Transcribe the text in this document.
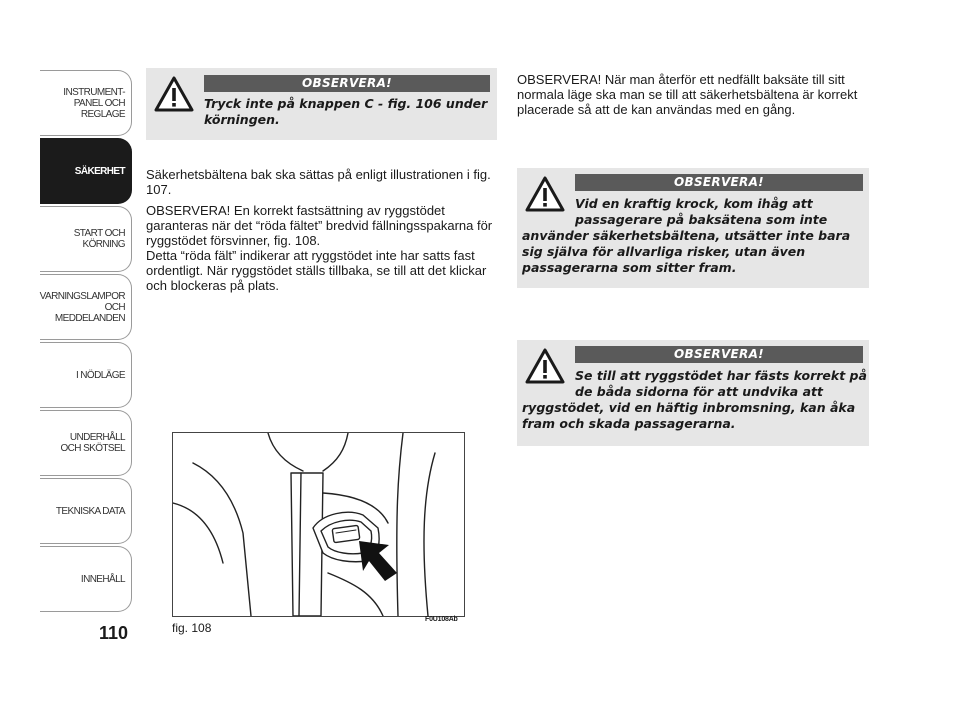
INSTRUMENT-
PANEL OCH
REGLAGE
SÄKERHET
START OCH
KÖRNING
VARNINGSLAMPOR
OCH
MEDDELANDEN
I NÖDLÄGE
UNDERHÅLL
OCH SKÖTSEL
TEKNISKA DATA
INNEHÅLL
110
OBSERVERA!
Tryck inte på knappen C - fig. 106 under körningen.

Säkerhetsbältena bak ska sättas på enligt illustrationen i fig. 107.

OBSERVERA! En korrekt fastsättning av ryggstödet garanteras när det “röda fältet” bredvid fällningsspakarna för ryggstödet försvinner, fig. 108.

Detta “röda fält” indikerar att ryggstödet inte har satts fast ordentligt. När ryggstödet ställs tillbaka, se till att det klickar och blockeras på plats.

OBSERVERA! När man återför ett nedfällt baksäte till sitt normala läge ska man se till att säkerhetsbältena är korrekt placerade så att de kan användas med en gång.

OBSERVERA!
Vid en kraftig krock, kom ihåg att
passagerare på baksätena som inte
använder säkerhetsbältena, utsätter inte bara sig själva för allvarliga risker, utan även passagerarna som sitter fram.
OBSERVERA!
Se till att ryggstödet har fästs korrekt på
de båda sidorna för att undvika att
ryggstödet, vid en häftig inbromsning, kan åka fram och skada passagerarna.
fig. 108
F0U108Ab
